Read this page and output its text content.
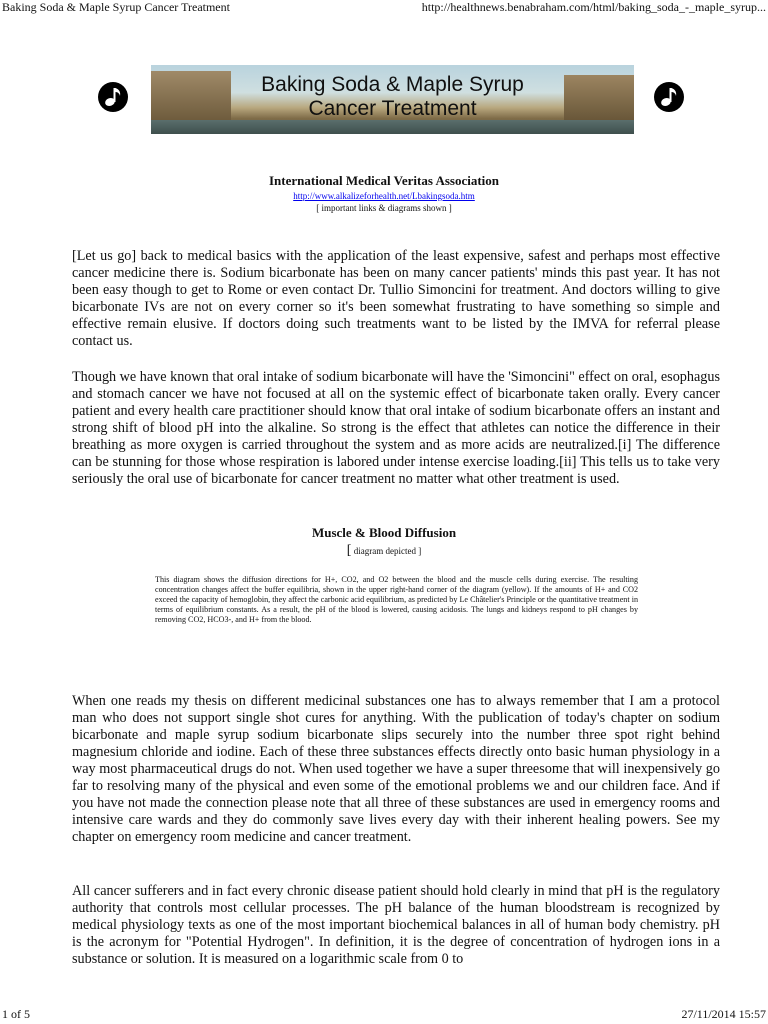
Baking Soda & Maple Syrup Cancer Treatment	http://healthnews.benabraham.com/html/baking_soda_-_maple_syrup...
Baking Soda & Maple Syrup
Cancer Treatment
International Medical Veritas Association
http://www.alkalizeforhealth.net/Lbakingsoda.htm
[ important links & diagrams shown ]

[Let us go] back to medical basics with the application of the least expensive, safest and perhaps most effective cancer medicine there is. Sodium bicarbonate has been on many cancer patients' minds this past year. It has not been easy though to get to Rome or even contact Dr. Tullio Simoncini for treatment. And doctors willing to give bicarbonate IVs are not on every corner so it's been somewhat frustrating to have something so simple and effective remain elusive. If doctors doing such treatments want to be listed by the IMVA for referral please contact us.

Though we have known that oral intake of sodium bicarbonate will have the 'Simoncini" effect on oral, esophagus and stomach cancer we have not focused at all on the systemic effect of bicarbonate taken orally. Every cancer patient and every health care practitioner should know that oral intake of sodium bicarbonate offers an instant and strong shift of blood pH into the alkaline. So strong is the effect that athletes can notice the difference in their breathing as more oxygen is carried throughout the system and as more acids are neutralized.[i] The difference can be stunning for those whose respiration is labored under intense exercise loading.[ii] This tells us to take very seriously the oral use of bicarbonate for cancer treatment no matter what other treatment is used.

Muscle & Blood Diffusion
[ diagram depicted ]

This diagram shows the diffusion directions for H+, CO2, and O2 between the blood and the muscle cells during exercise. The resulting concentration changes affect the buffer equilibria, shown in the upper right-hand corner of the diagram (yellow). If the amounts of H+ and CO2 exceed the capacity of hemoglobin, they affect the carbonic acid equilibrium, as predicted by Le Châtelier's Principle or the quantitative treatment in terms of equilibrium constants. As a result, the pH of the blood is lowered, causing acidosis. The lungs and kidneys respond to pH changes by removing CO2, HCO3-, and H+ from the blood.

When one reads my thesis on different medicinal substances one has to always remember that I am a protocol man who does not support single shot cures for anything. With the publication of today's chapter on sodium bicarbonate and maple syrup sodium bicarbonate slips securely into the number three spot right behind magnesium chloride and iodine. Each of these three substances effects directly onto basic human physiology in a way most pharmaceutical drugs do not. When used together we have a super threesome that will inexpensively go far to resolving many of the physical and even some of the emotional problems we and our children face. And if you have not made the connection please note that all three of these substances are used in emergency rooms and intensive care wards and they do commonly save lives every day with their inherent healing powers. See my chapter on emergency room medicine and cancer treatment.

All cancer sufferers and in fact every chronic disease patient should hold clearly in mind that pH is the regulatory authority that controls most cellular processes. The pH balance of the human bloodstream is recognized by medical physiology texts as one of the most important biochemical balances in all of human body chemistry. pH is the acronym for "Potential Hydrogen". In definition, it is the degree of concentration of hydrogen ions in a substance or solution. It is measured on a logarithmic scale from 0 to

1 of 5	27/11/2014 15:57
